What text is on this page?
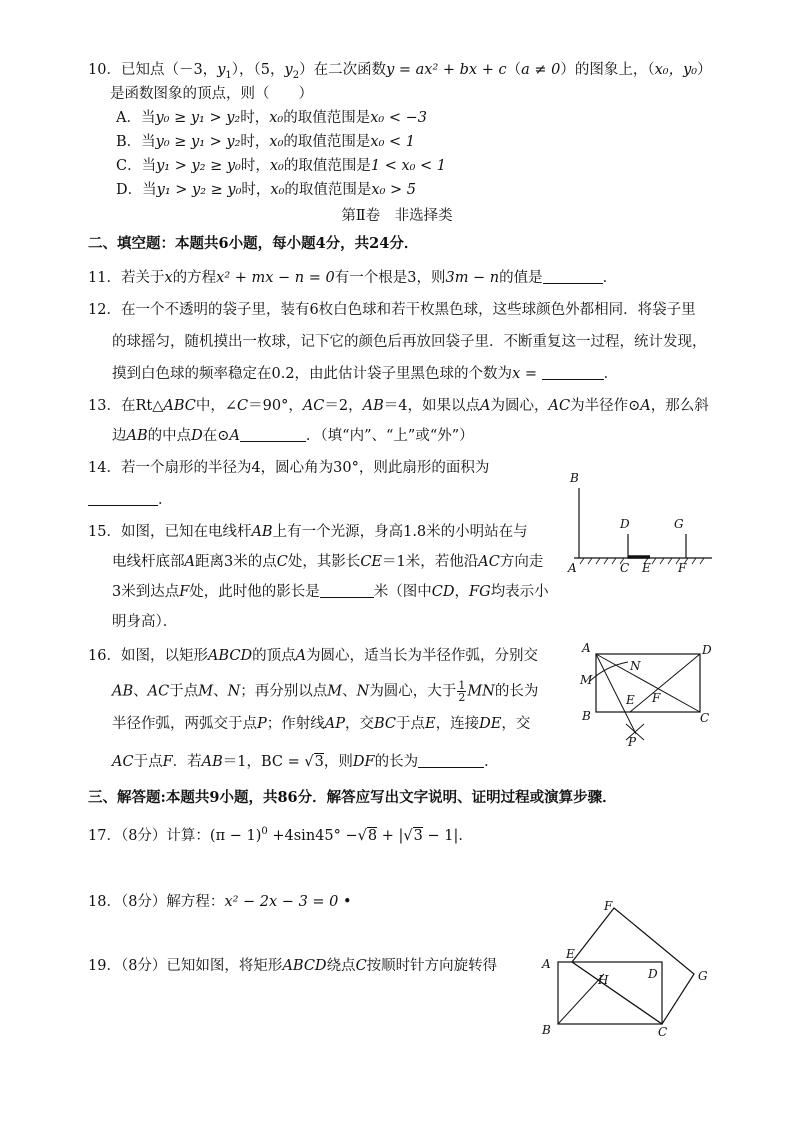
10．已知点（－3，$y_1$），（5，$y_2$）在二次函数y = ax² + bx + c（a ≠ 0）的图象上，（x₀，y₀）
是函数图象的顶点，则（　　）
A．当y₀ ≥ y₁ > y₂时，x₀的取值范围是x₀ < −3
B．当y₀ ≥ y₁ > y₂时，x₀的取值范围是x₀ < 1
C．当y₁ > y₂ ≥ y₀时，x₀的取值范围是1 < x₀ < 1
D．当y₁ > y₂ ≥ y₀时，x₀的取值范围是x₀ > 5
第Ⅱ卷　非选择类
二、填空题：本题共6小题，每小题4分，共24分．
11．若关于x的方程x² + mx − n = 0有一个根是3，则3m − n的值是	．
12．在一个不透明的袋子里，装有6枚白色球和若干枚黑色球，这些球颜色外都相同．将袋子里
的球摇匀，随机摸出一枚球，记下它的颜色后再放回袋子里．不断重复这一过程，统计发现，
摸到白色球的频率稳定在0.2，由此估计袋子里黑色球的个数为x =	．
13．在Rt△ABC中，∠C＝90°，AC＝2，AB＝4，如果以点A为圆心，AC为半径作⊙A，那么斜
边AB的中点D在⊙A	．（填“内”、“上”或“外”）
14．若一个扇形的半径为4，圆心角为30°，则此扇形的面积为
．
15．如图，已知在电线杆AB上有一个光源，身高1.8米的小明站在与
电线杆底部A距离3米的点C处，其影长CE＝1米，若他沿AC方向走
3米到达点F处，此时他的影长是	米（图中CD，FG均表示小
明身高）．
B
D	G
A	C E F
16．如图，以矩形ABCD的顶点A为圆心，适当长为半径作弧，分别交
AB、AC于点M、N；再分别以点M、N为圆心，大于 $\frac{1}{2}$ MN的长为
半径作弧，两弧交于点P；作射线AP，交BC于点E，连接DE，交
AC于点F．若AB＝1，BC = √3，则DF的长为	．
A	D
M
N
E F
B	C
P
三、解答题:本题共9小题，共86分．解答应写出文字说明、证明过程或演算步骤．
17．（8分）计算：$(\pi - 1)^0 +4\sin 45^\circ -√8 + |√3 - 1|$．
18．（8分）解方程：x² − 2x − 3 = 0 •
19．（8分）已知如图，将矩形ABCD绕点C按顺时针方向旋转得
F
A
E
H	D	G
B	C
